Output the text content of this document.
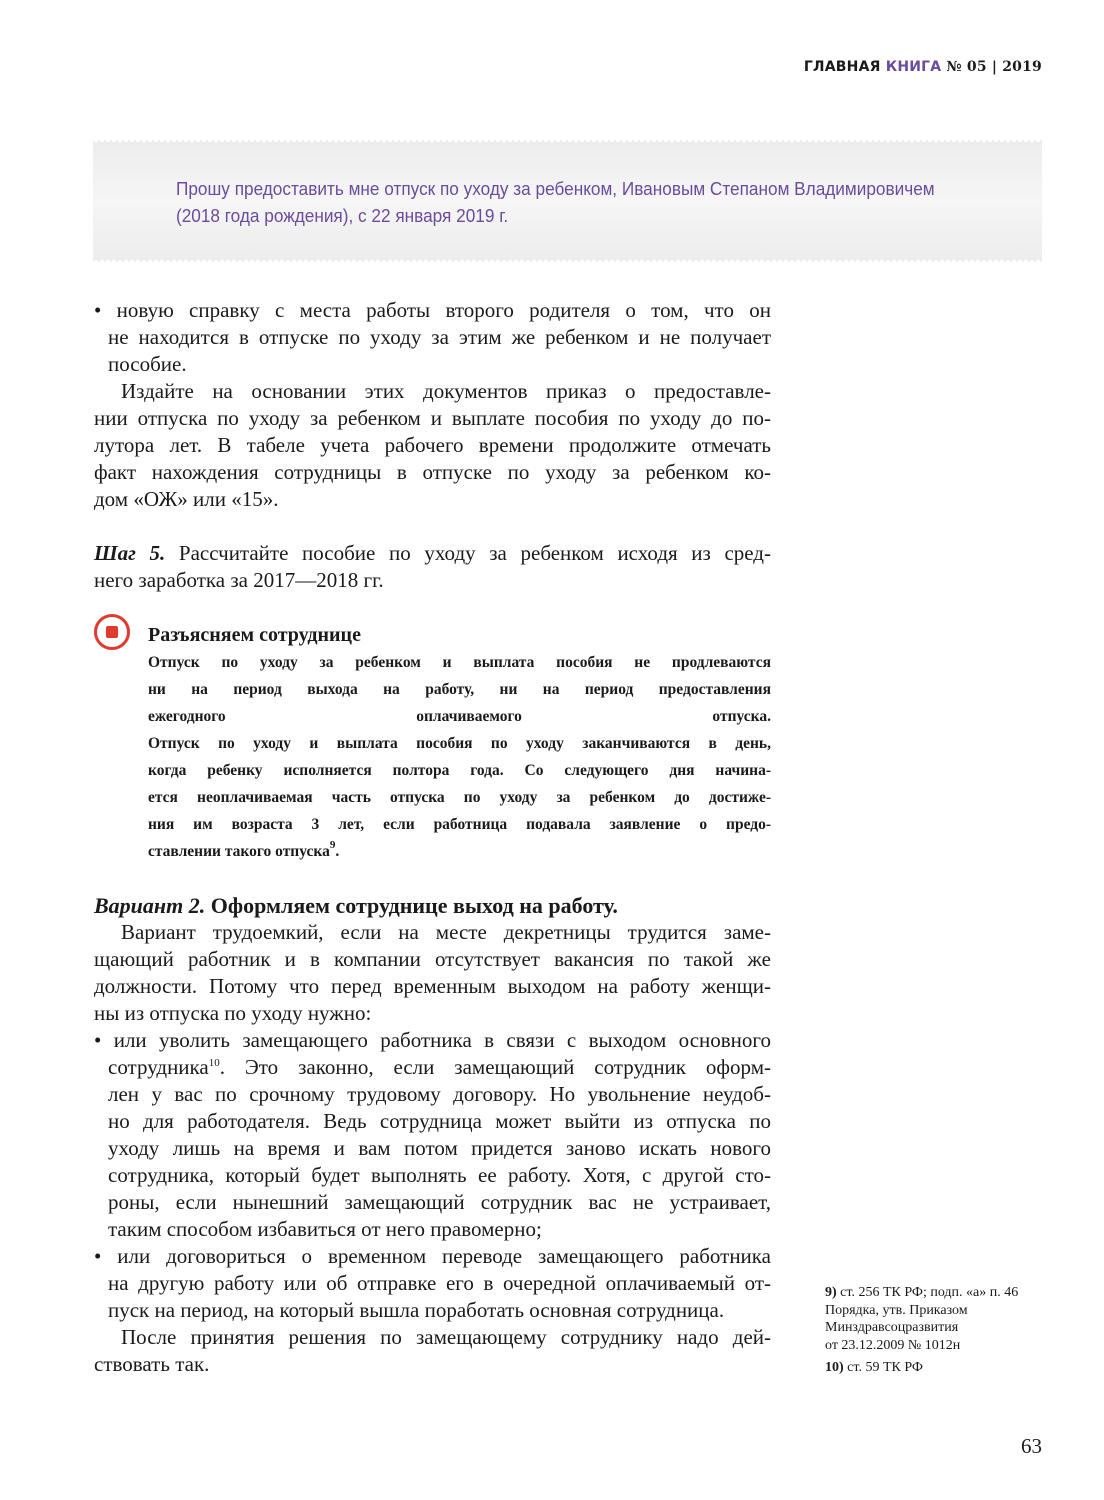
ГЛАВНАЯ КНИГА № 05 | 2019
Прошу предоставить мне отпуск по уходу за ребенком, Ивановым Степаном Владимировичем
(2018 года рождения), с 22 января 2019 г.
• новую справку с места работы второго родителя о том, что он
не находится в отпуске по уходу за этим же ребенком и не получает
пособие.
Издайте на основании этих документов приказ о предоставле-
нии отпуска по уходу за ребенком и выплате пособия по уходу до по-
лутора лет. В табеле учета рабочего времени продолжите отмечать
факт нахождения сотрудницы в отпуске по уходу за ребенком ко-
дом «ОЖ» или «15».
Шаг 5. Рассчитайте пособие по уходу за ребенком исходя из сред-
него заработка за 2017—2018 гг.
Разъясняем сотруднице
Отпуск по уходу за ребенком и выплата пособия не продлеваются
ни на период выхода на работу, ни на период предоставления
ежегодного оплачиваемого отпуска.
Отпуск по уходу и выплата пособия по уходу заканчиваются в день,
когда ребенку исполняется полтора года. Со следующего дня начина-
ется неоплачиваемая часть отпуска по уходу за ребенком до достиже-
ния им возраста 3 лет, если работница подавала заявление о предо-
ставлении такого отпуска$^9$.
Вариант 2. Оформляем сотруднице выход на работу.
Вариант трудоемкий, если на месте декретницы трудится заме-
щающий работник и в компании отсутствует вакансия по такой же
должности. Потому что перед временным выходом на работу женщи-
ны из отпуска по уходу нужно:
• или уволить замещающего работника в связи с выходом основного
сотрудника$^{10}$. Это законно, если замещающий сотрудник оформ-
лен у вас по срочному трудовому договору. Но увольнение неудоб-
но для работодателя. Ведь сотрудница может выйти из отпуска по
уходу лишь на время и вам потом придется заново искать нового
сотрудника, который будет выполнять ее работу. Хотя, с другой сто-
роны, если нынешний замещающий сотрудник вас не устраивает,
таким способом избавиться от него правомерно;
• или договориться о временном переводе замещающего работника
на другую работу или об отправке его в очередной оплачиваемый от-
пуск на период, на который вышла поработать основная сотрудница.
После принятия решения по замещающему сотруднику надо дей-
ствовать так.
9) ст. 256 ТК РФ; подп. «а» п. 46
Порядка, утв. Приказом
Минздравсоцразвития
от 23.12.2009 № 1012н
10) ст. 59 ТК РФ
63
